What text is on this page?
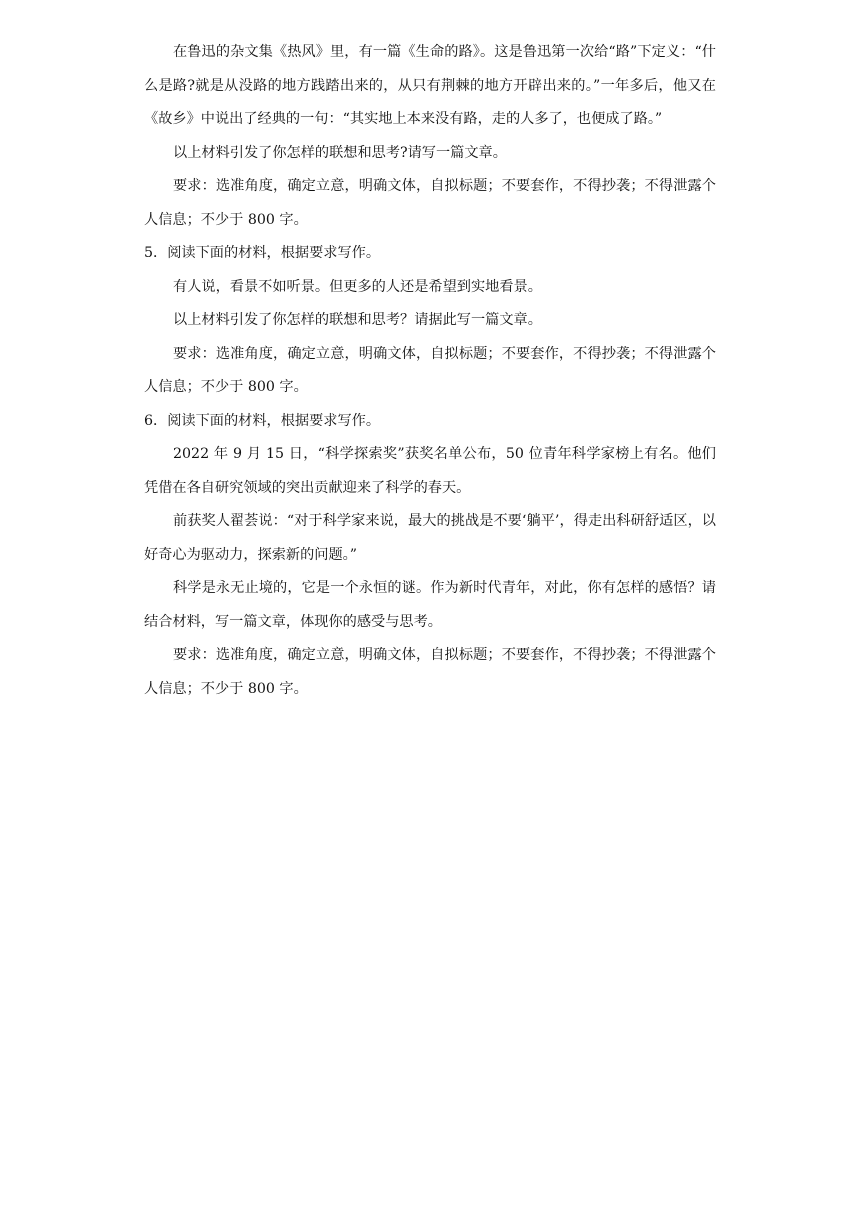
在鲁迅的杂文集《热风》里，有一篇《生命的路》。这是鲁迅第一次给“路”下定义：“什么是路?就是从没路的地方践踏出来的，从只有荆棘的地方开辟出来的。”一年多后，他又在《故乡》中说出了经典的一句：“其实地上本来没有路，走的人多了，也便成了路。”

以上材料引发了你怎样的联想和思考?请写一篇文章。

要求：选准角度，确定立意，明确文体，自拟标题；不要套作，不得抄袭；不得泄露个人信息；不少于 800 字。

5．阅读下面的材料，根据要求写作。

有人说，看景不如听景。但更多的人还是希望到实地看景。

以上材料引发了你怎样的联想和思考？请据此写一篇文章。

要求：选准角度，确定立意，明确文体，自拟标题；不要套作，不得抄袭；不得泄露个人信息；不少于 800 字。

6．阅读下面的材料，根据要求写作。

2022 年 9 月 15 日，“科学探索奖”获奖名单公布，50 位青年科学家榜上有名。他们凭借在各自研究领域的突出贡献迎来了科学的春天。

前获奖人翟荟说：“对于科学家来说，最大的挑战是不要‘躺平’，得走出科研舒适区，以好奇心为驱动力，探索新的问题。”

科学是永无止境的，它是一个永恒的谜。作为新时代青年，对此，你有怎样的感悟？请结合材料，写一篇文章，体现你的感受与思考。

要求：选准角度，确定立意，明确文体，自拟标题；不要套作，不得抄袭；不得泄露个人信息；不少于 800 字。
